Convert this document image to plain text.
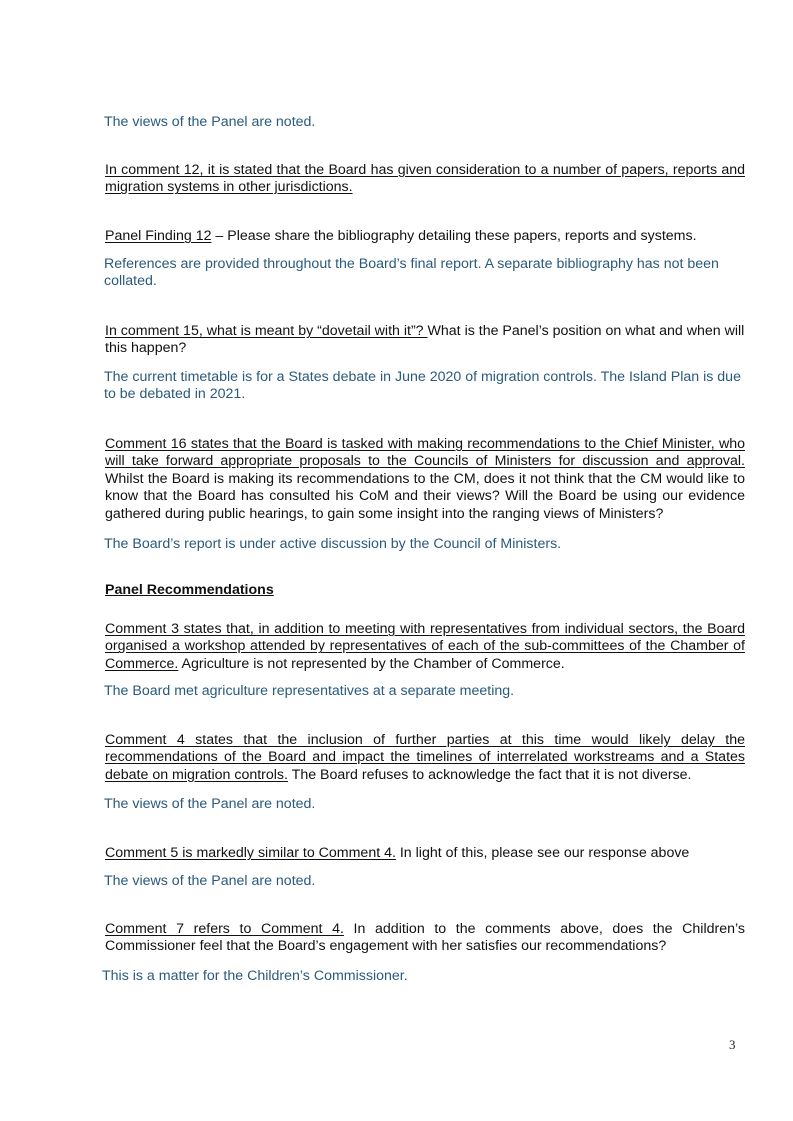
The views of the Panel are noted.

In comment 12, it is stated that the Board has given consideration to a number of papers, reports and migration systems in other jurisdictions.

Panel Finding 12 – Please share the bibliography detailing these papers, reports and systems.

References are provided throughout the Board’s final report. A separate bibliography has not been collated.

In comment 15, what is meant by “dovetail with it”? What is the Panel’s position on what and when will this happen?

The current timetable is for a States debate in June 2020 of migration controls. The Island Plan is due to be debated in 2021.

Comment 16 states that the Board is tasked with making recommendations to the Chief Minister, who will take forward appropriate proposals to the Councils of Ministers for discussion and approval. Whilst the Board is making its recommendations to the CM, does it not think that the CM would like to know that the Board has consulted his CoM and their views? Will the Board be using our evidence gathered during public hearings, to gain some insight into the ranging views of Ministers?

The Board’s report is under active discussion by the Council of Ministers.

Panel Recommendations

Comment 3 states that, in addition to meeting with representatives from individual sectors, the Board organised a workshop attended by representatives of each of the sub-committees of the Chamber of Commerce. Agriculture is not represented by the Chamber of Commerce.

The Board met agriculture representatives at a separate meeting.

Comment 4 states that the inclusion of further parties at this time would likely delay the recommendations of the Board and impact the timelines of interrelated workstreams and a States debate on migration controls. The Board refuses to acknowledge the fact that it is not diverse.

The views of the Panel are noted.

Comment 5 is markedly similar to Comment 4. In light of this, please see our response above

The views of the Panel are noted.

Comment 7 refers to Comment 4. In addition to the comments above, does the Children’s Commissioner feel that the Board’s engagement with her satisfies our recommendations?

This is a matter for the Children’s Commissioner.

3
